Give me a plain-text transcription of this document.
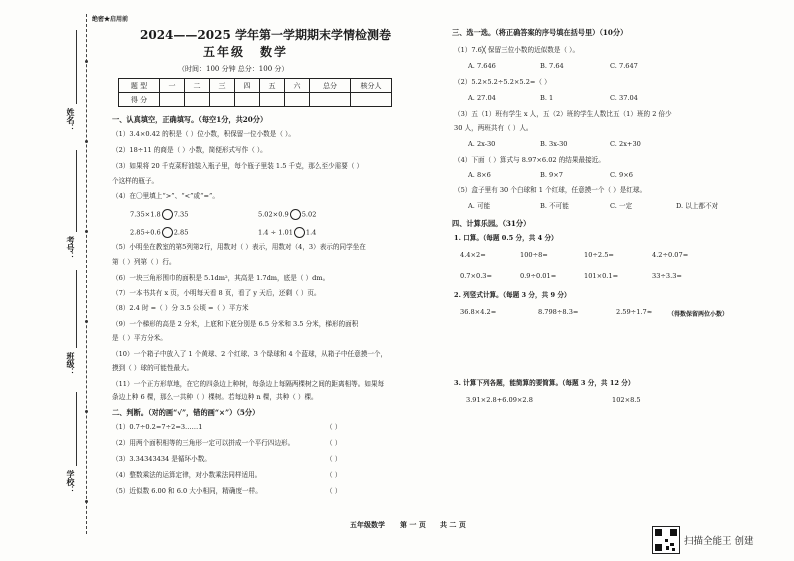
绝密★启用前
姓名：
考号：
班级：
学校：
2024——2025 学年第一学期期末学情检测卷
五年级 数学
（时间：100 分钟 总分：100 分）
题 型	一	二	三	四	五	六	总分	核分人
得 分								
一、认真填空，正确填写。（每空1分，共20分）
（1）3.4×0.42 的积是（ ）位小数，积保留一位小数是（ ）。
（2）18÷11 的商是（ ）小数，简便形式写作（ ）。
（3）如果将 20 千克菜籽油装入瓶子里，每个瓶子里装 1.5 千克，那么至少需要（ ）
个这样的瓶子。
（4）在〇里填上“>”、“<”或“=”。
7.35×1.8 7.35	5.02×0.9 5.02
2.85÷0.6 2.85	1.4 ÷ 1.01 1.4
（5）小明坐在教室的第5列第2行，用数对（ ）表示，用数对（4，3）表示的同学坐在
第（ ）列第（ ）行。
（6）一块三角形围巾的面积是 5.1dm²，其高是 1.7dm，底是（ ）dm。
（7）一本书共有 x 页，小明每天看 8 页，看了 y 天后，还剩（ ）页。
（8）2.4 时 =（ ）分 3.5 公顷 =（ ）平方米
（9）一个梯形的高是 2 分米，上底和下底分别是 6.5 分米和 3.5 分米，梯形的面积
是（ ）平方分米。
（10）一个箱子中放入了 1 个黄球、2 个红球、3 个绿球和 4 个蓝球，从箱子中任意摸一个，
摸到（ ）球的可能性最大。
（11）一个正方形草地，在它的四条边上种树，每条边上每隔两棵树之间的距离相等。如果每
条边上种 6 棵，那么一共种（ ）棵树。若每边种 n 棵，共种（ ）棵。
二、判断。（对的画“√”，错的画“×”）（5分）
（1）0.7÷0.2=7÷2=3……1
（2）用两个面积相等的三角形一定可以拼成一个平行四边形。
（3）3.34343434 是循环小数。
（4）整数乘法的运算定律，对小数乘法同样适用。
（5）近似数 6.00 和 6.0 大小相同，精确度一样。
（ ）
（ ）
（ ）
（ ）
（ ）
三、选一选。（将正确答案的序号填在括号里）（10分）
（1）7.6╳ 保留三位小数的近似数是（ ）。
A. 7.646	B. 7.64	C. 7.647
（2）5.2×5.2÷5.2×5.2=（ ）
A. 27.04	B. 1	C. 37.04
（3）五（1）班有学生 x 人，五（2）班的学生人数比五（1）班的 2 倍少
30 人，两班共有（ ）人。
A. 2x-30	B. 3x-30	C. 2x+30
（4）下面（ ）算式与 8.97×6.02 的结果最接近。
A. 8×6	B. 9×7	C. 9×6
（5）盒子里有 30 个白球和 1 个红球，任意摸一个（ ）是红球。
A. 可能	B. 不可能	C. 一定	D. 以上都不对
四、计算乐园。（31分）
1. 口算。（每题 0.5 分，共 4 分）
4.4×2=	100÷8=	10÷2.5=	4.2÷0.07=
0.7×0.3=	0.9÷0.01=	101×0.1=	33÷3.3=
2. 列竖式计算。（每题 3 分，共 9 分）
36.8×4.2=	8.798÷8.3=	2.59÷1.7≈	（得数保留两位小数）
3. 计算下列各题，能简算的要简算。（每题 3 分，共 12 分）
3.91×2.8+6.09×2.8	102×8.5
五年级数学 第 一 页 共 二 页
扫描全能王 创建
